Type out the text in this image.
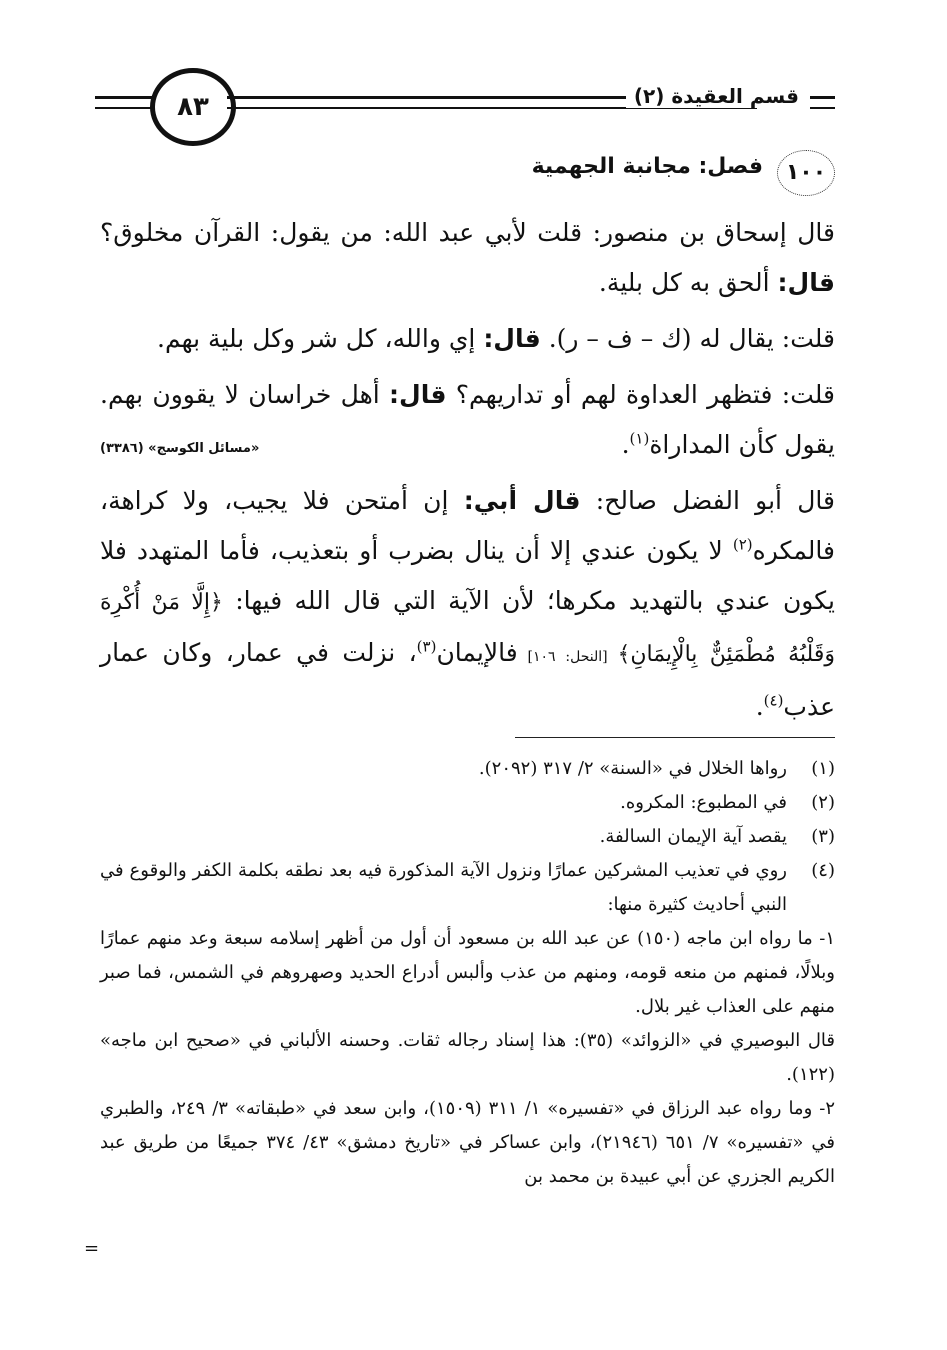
٨٣	قسم العقيدة (٢)
١٠٠
فصل: مجانبة الجهمية

قال إسحاق بن منصور: قلت لأبي عبد الله: من يقول: القرآن مخلوق؟ قال: ألحق به كل بلية.

قلت: يقال له (ك – ف – ر). قال: إي والله، كل شر وكل بلية بهم.

قلت: فتظهر العداوة لهم أو تداريهم؟ قال: أهل خراسان لا يقوون بهم. يقول كأن المداراة$^{(١)}$.
«مسائل الكوسج» (٣٣٨٦)

قال أبو الفضل صالح: قال أبي: إن أمتحن فلا يجيب، ولا كراهة، فالمكره$^{(٢)}$ لا يكون عندي إلا أن ينال بضرب أو بتعذيب، فأما المتهدد فلا يكون عندي بالتهديد مكرها؛ لأن الآية التي قال الله فيها: ﴿إِلَّا مَنْ أُكْرِهَ وَقَلْبُهُ مُطْمَئِنٌّ بِالْإِيمَانِ﴾ [النحل: ١٠٦] فالإيمان$^{(٣)}$، نزلت في عمار، وكان عمار عذب$^{(٤)}$.

(١)
رواها الخلال في «السنة» ٢/ ٣١٧ (٢٠٩٢).
(٢)
في المطبوع: المكروه.
(٣)
يقصد آية الإيمان السالفة.
(٤)
روي في تعذيب المشركين عمارًا ونزول الآية المذكورة فيه بعد نطقه بكلمة الكفر والوقوع في النبي أحاديث كثيرة منها:

١- ما رواه ابن ماجه (١٥٠) عن عبد الله بن مسعود أن أول من أظهر إسلامه سبعة وعد منهم عمارًا وبلالًا، فمنهم من منعه قومه، ومنهم من عذب وألبس أدراع الحديد وصهروهم في الشمس، فما صبر منهم على العذاب غير بلال.

قال البوصيري في «الزوائد» (٣٥): هذا إسناد رجاله ثقات. وحسنه الألباني في «صحيح ابن ماجه» (١٢٢).

٢- وما رواه عبد الرزاق في «تفسيره» ١/ ٣١١ (١٥٠٩)، وابن سعد في «طبقاته» ٣/ ٢٤٩، والطبري في «تفسيره» ٧/ ٦٥١ (٢١٩٤٦)، وابن عساكر في «تاريخ دمشق» ٤٣/ ٣٧٤ جميعًا من طريق عبد الكريم الجزري عن أبي عبيدة بن محمد بن

=
